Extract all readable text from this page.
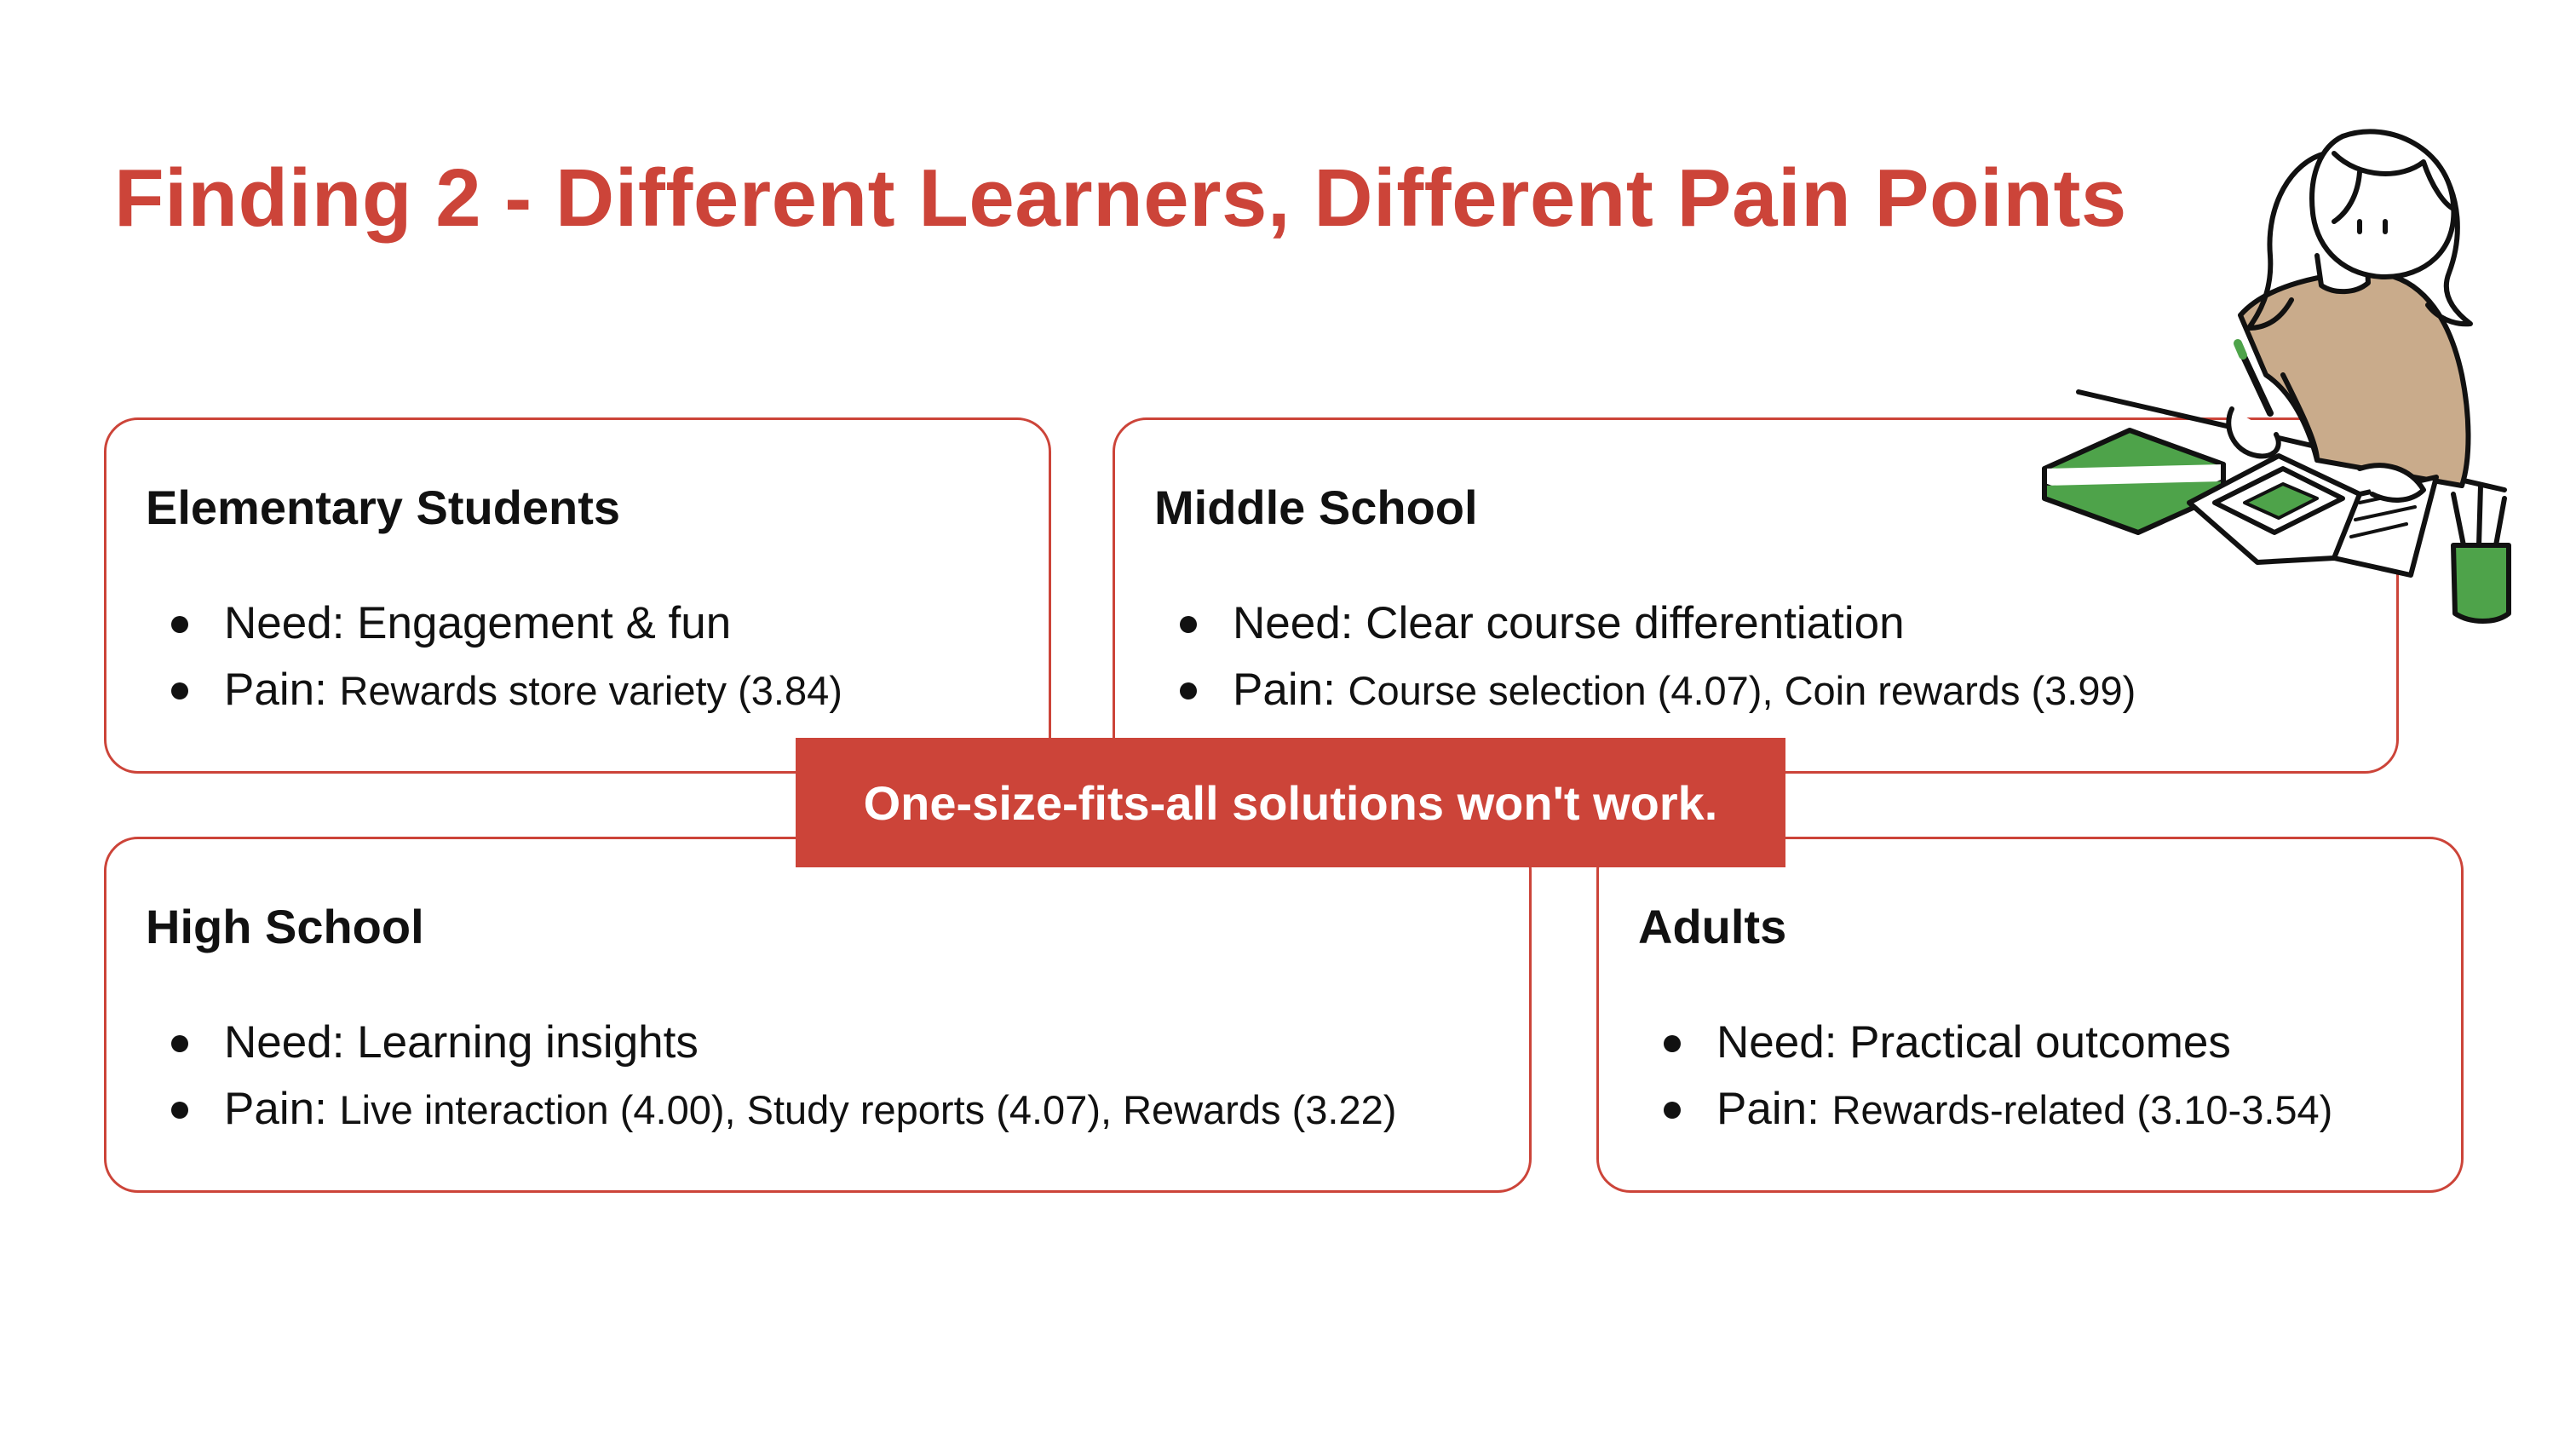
Finding 2 - Different Learners, Different Pain Points
Elementary Students
Need: Engagement & fun
Pain: Rewards store variety (3.84)
Middle School
Need: Clear course differentiation
Pain: Course selection (4.07), Coin rewards (3.99)
High School
Need: Learning insights
Pain: Live interaction (4.00), Study reports (4.07), Rewards (3.22)
Adults
Need: Practical outcomes
Pain: Rewards-related (3.10-3.54)
One-size-fits-all solutions won't work.
